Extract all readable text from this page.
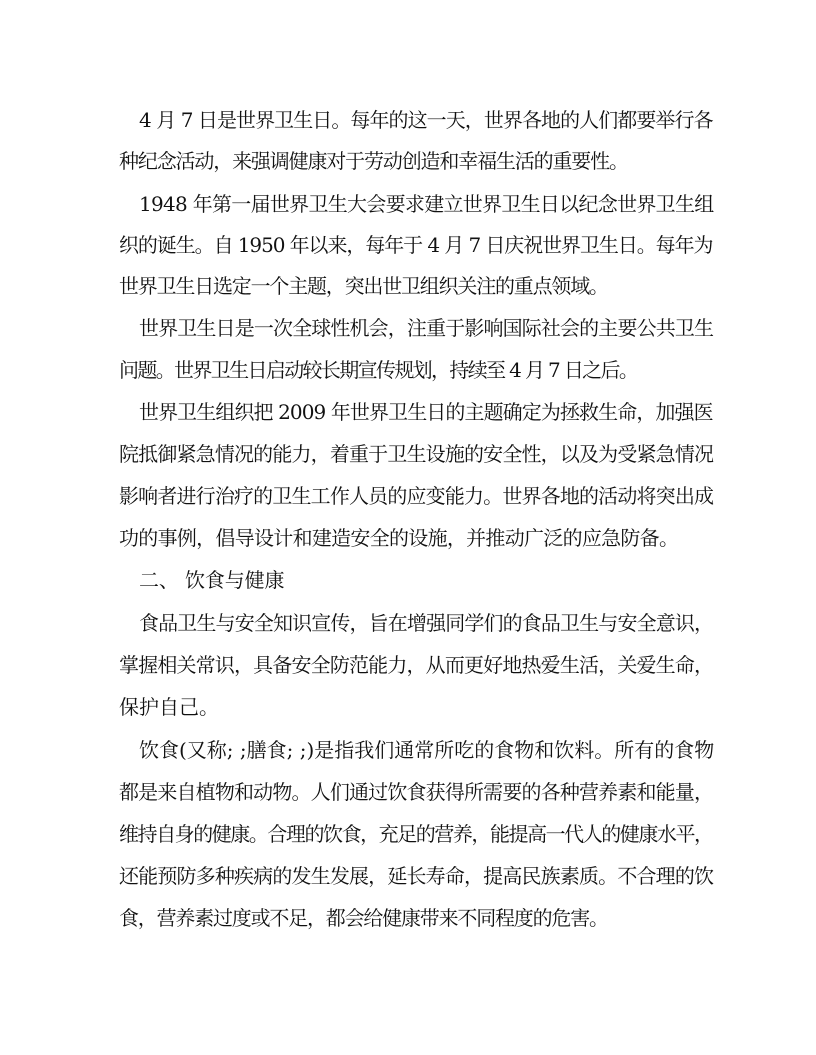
4 月 7 日是世界卫生日。每年的这一天，世界各地的人们都要举行各
种纪念活动，来强调健康对于劳动创造和幸福生活的重要性。
1948 年第一届世界卫生大会要求建立世界卫生日以纪念世界卫生组
织的诞生。自 1950 年以来，每年于 4 月 7 日庆祝世界卫生日。每年为
世界卫生日选定一个主题，突出世卫组织关注的重点领域。
世界卫生日是一次全球性机会，注重于影响国际社会的主要公共卫生
问题。世界卫生日启动较长期宣传规划，持续至 4 月 7 日之后。
世界卫生组织把 2009 年世界卫生日的主题确定为拯救生命，加强医
院抵御紧急情况的能力，着重于卫生设施的安全性，以及为受紧急情况
影响者进行治疗的卫生工作人员的应变能力。世界各地的活动将突出成
功的事例，倡导设计和建造安全的设施，并推动广泛的应急防备。
二、 饮食与健康
食品卫生与安全知识宣传，旨在增强同学们的食品卫生与安全意识，
掌握相关常识，具备安全防范能力，从而更好地热爱生活，关爱生命，
保护自己。
饮食(又称; ;膳食; ;)是指我们通常所吃的食物和饮料。所有的食物
都是来自植物和动物。人们通过饮食获得所需要的各种营养素和能量，
维持自身的健康。合理的饮食，充足的营养，能提高一代人的健康水平，
还能预防多种疾病的发生发展，延长寿命，提高民族素质。不合理的饮
食，营养素过度或不足，都会给健康带来不同程度的危害。
